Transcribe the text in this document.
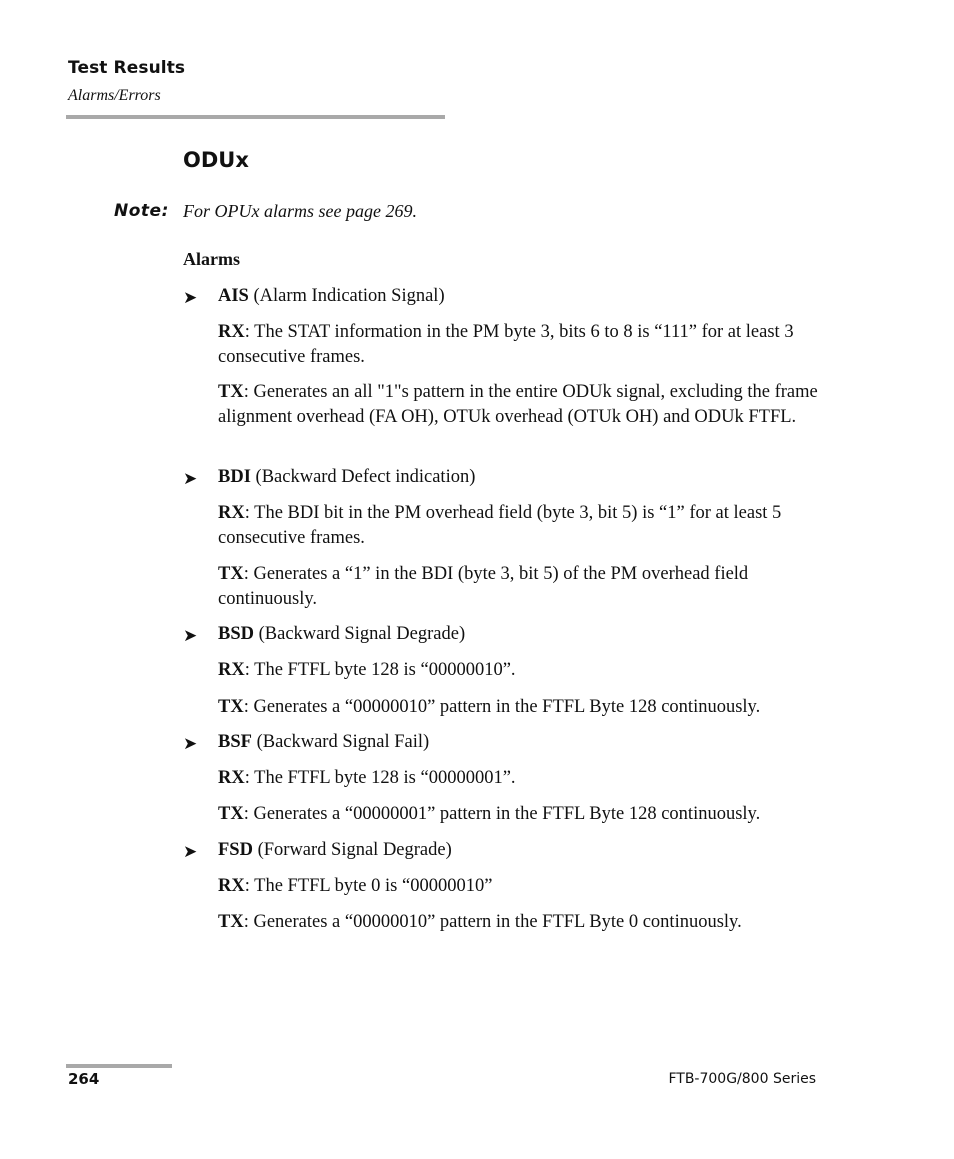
Test Results
Alarms/Errors
ODUx
Note: For OPUx alarms see page 269.
Alarms
➤ AIS (Alarm Indication Signal)
RX: The STAT information in the PM byte 3, bits 6 to 8 is “111” for at least 3 consecutive frames.
TX: Generates an all "1"s pattern in the entire ODUk signal, excluding the frame alignment overhead (FA OH), OTUk overhead (OTUk OH) and ODUk FTFL.
➤ BDI (Backward Defect indication)
RX: The BDI bit in the PM overhead field (byte 3, bit 5) is “1” for at least 5 consecutive frames.
TX: Generates a “1” in the BDI (byte 3, bit 5) of the PM overhead field continuously.
➤ BSD (Backward Signal Degrade)
RX: The FTFL byte 128 is “00000010”.
TX: Generates a “00000010” pattern in the FTFL Byte 128 continuously.
➤ BSF (Backward Signal Fail)
RX: The FTFL byte 128 is “00000001”.
TX: Generates a “00000001” pattern in the FTFL Byte 128 continuously.
➤ FSD (Forward Signal Degrade)
RX: The FTFL byte 0 is “00000010”
TX: Generates a “00000010” pattern in the FTFL Byte 0 continuously.
264	FTB-700G/800 Series
